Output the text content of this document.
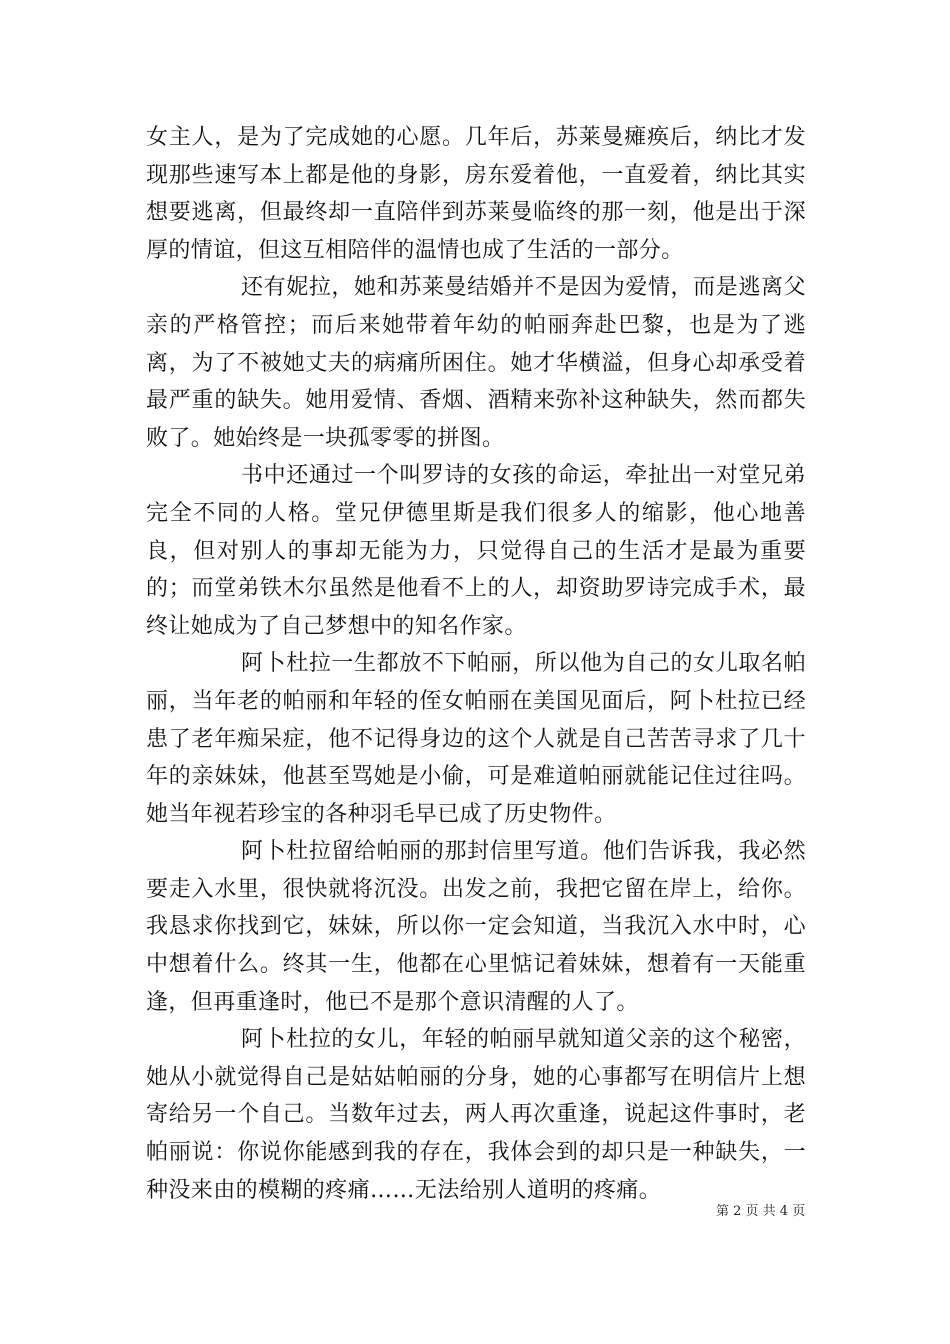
女主人，是为了完成她的心愿。几年后，苏莱曼瘫痪后，纳比才发现那些速写本上都是他的身影，房东爱着他，一直爱着，纳比其实想要逃离，但最终却一直陪伴到苏莱曼临终的那一刻，他是出于深厚的情谊，但这互相陪伴的温情也成了生活的一部分。

还有妮拉，她和苏莱曼结婚并不是因为爱情，而是逃离父亲的严格管控；而后来她带着年幼的帕丽奔赴巴黎，也是为了逃离，为了不被她丈夫的病痛所困住。她才华横溢，但身心却承受着最严重的缺失。她用爱情、香烟、酒精来弥补这种缺失，然而都失败了。她始终是一块孤零零的拼图。

书中还通过一个叫罗诗的女孩的命运，牵扯出一对堂兄弟完全不同的人格。堂兄伊德里斯是我们很多人的缩影，他心地善良，但对别人的事却无能为力，只觉得自己的生活才是最为重要的；而堂弟铁木尔虽然是他看不上的人，却资助罗诗完成手术，最终让她成为了自己梦想中的知名作家。

阿卜杜拉一生都放不下帕丽，所以他为自己的女儿取名帕丽，当年老的帕丽和年轻的侄女帕丽在美国见面后，阿卜杜拉已经患了老年痴呆症，他不记得身边的这个人就是自己苦苦寻求了几十年的亲妹妹，他甚至骂她是小偷，可是难道帕丽就能记住过往吗。她当年视若珍宝的各种羽毛早已成了历史物件。

阿卜杜拉留给帕丽的那封信里写道。他们告诉我，我必然要走入水里，很快就将沉没。出发之前，我把它留在岸上，给你。我恳求你找到它，妹妹，所以你一定会知道，当我沉入水中时，心中想着什么。终其一生，他都在心里惦记着妹妹，想着有一天能重逢，但再重逢时，他已不是那个意识清醒的人了。

阿卜杜拉的女儿，年轻的帕丽早就知道父亲的这个秘密，她从小就觉得自己是姑姑帕丽的分身，她的心事都写在明信片上想寄给另一个自己。当数年过去，两人再次重逢，说起这件事时，老帕丽说：你说你能感到我的存在，我体会到的却只是一种缺失，一种没来由的模糊的疼痛……无法给别人道明的疼痛。

第 2 页 共 4 页
